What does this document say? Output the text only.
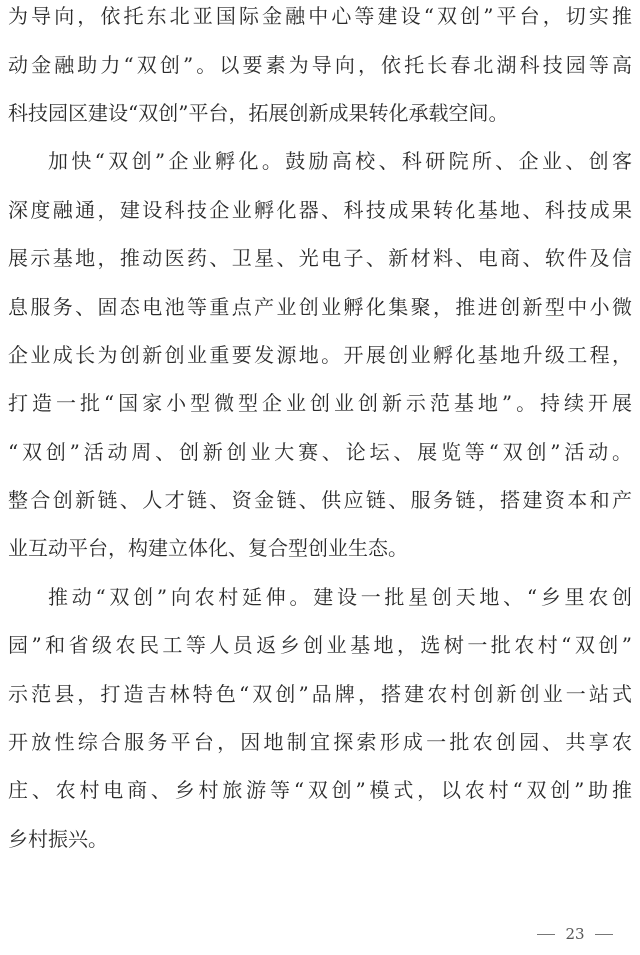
为导向，依托东北亚国际金融中心等建设“双创”平台，切实推
动金融助力“双创”。以要素为导向，依托长春北湖科技园等高
科技园区建设“双创”平台，拓展创新成果转化承载空间。
加快“双创”企业孵化。鼓励高校、科研院所、企业、创客
深度融通，建设科技企业孵化器、科技成果转化基地、科技成果
展示基地，推动医药、卫星、光电子、新材料、电商、软件及信
息服务、固态电池等重点产业创业孵化集聚，推进创新型中小微
企业成长为创新创业重要发源地。开展创业孵化基地升级工程，
打造一批“国家小型微型企业创业创新示范基地”。持续开展
“双创”活动周、创新创业大赛、论坛、展览等“双创”活动。
整合创新链、人才链、资金链、供应链、服务链，搭建资本和产
业互动平台，构建立体化、复合型创业生态。
推动“双创”向农村延伸。建设一批星创天地、“乡里农创
园”和省级农民工等人员返乡创业基地，选树一批农村“双创”
示范县，打造吉林特色“双创”品牌，搭建农村创新创业一站式
开放性综合服务平台，因地制宜探索形成一批农创园、共享农
庄、农村电商、乡村旅游等“双创”模式，以农村“双创”助推
乡村振兴。
23
